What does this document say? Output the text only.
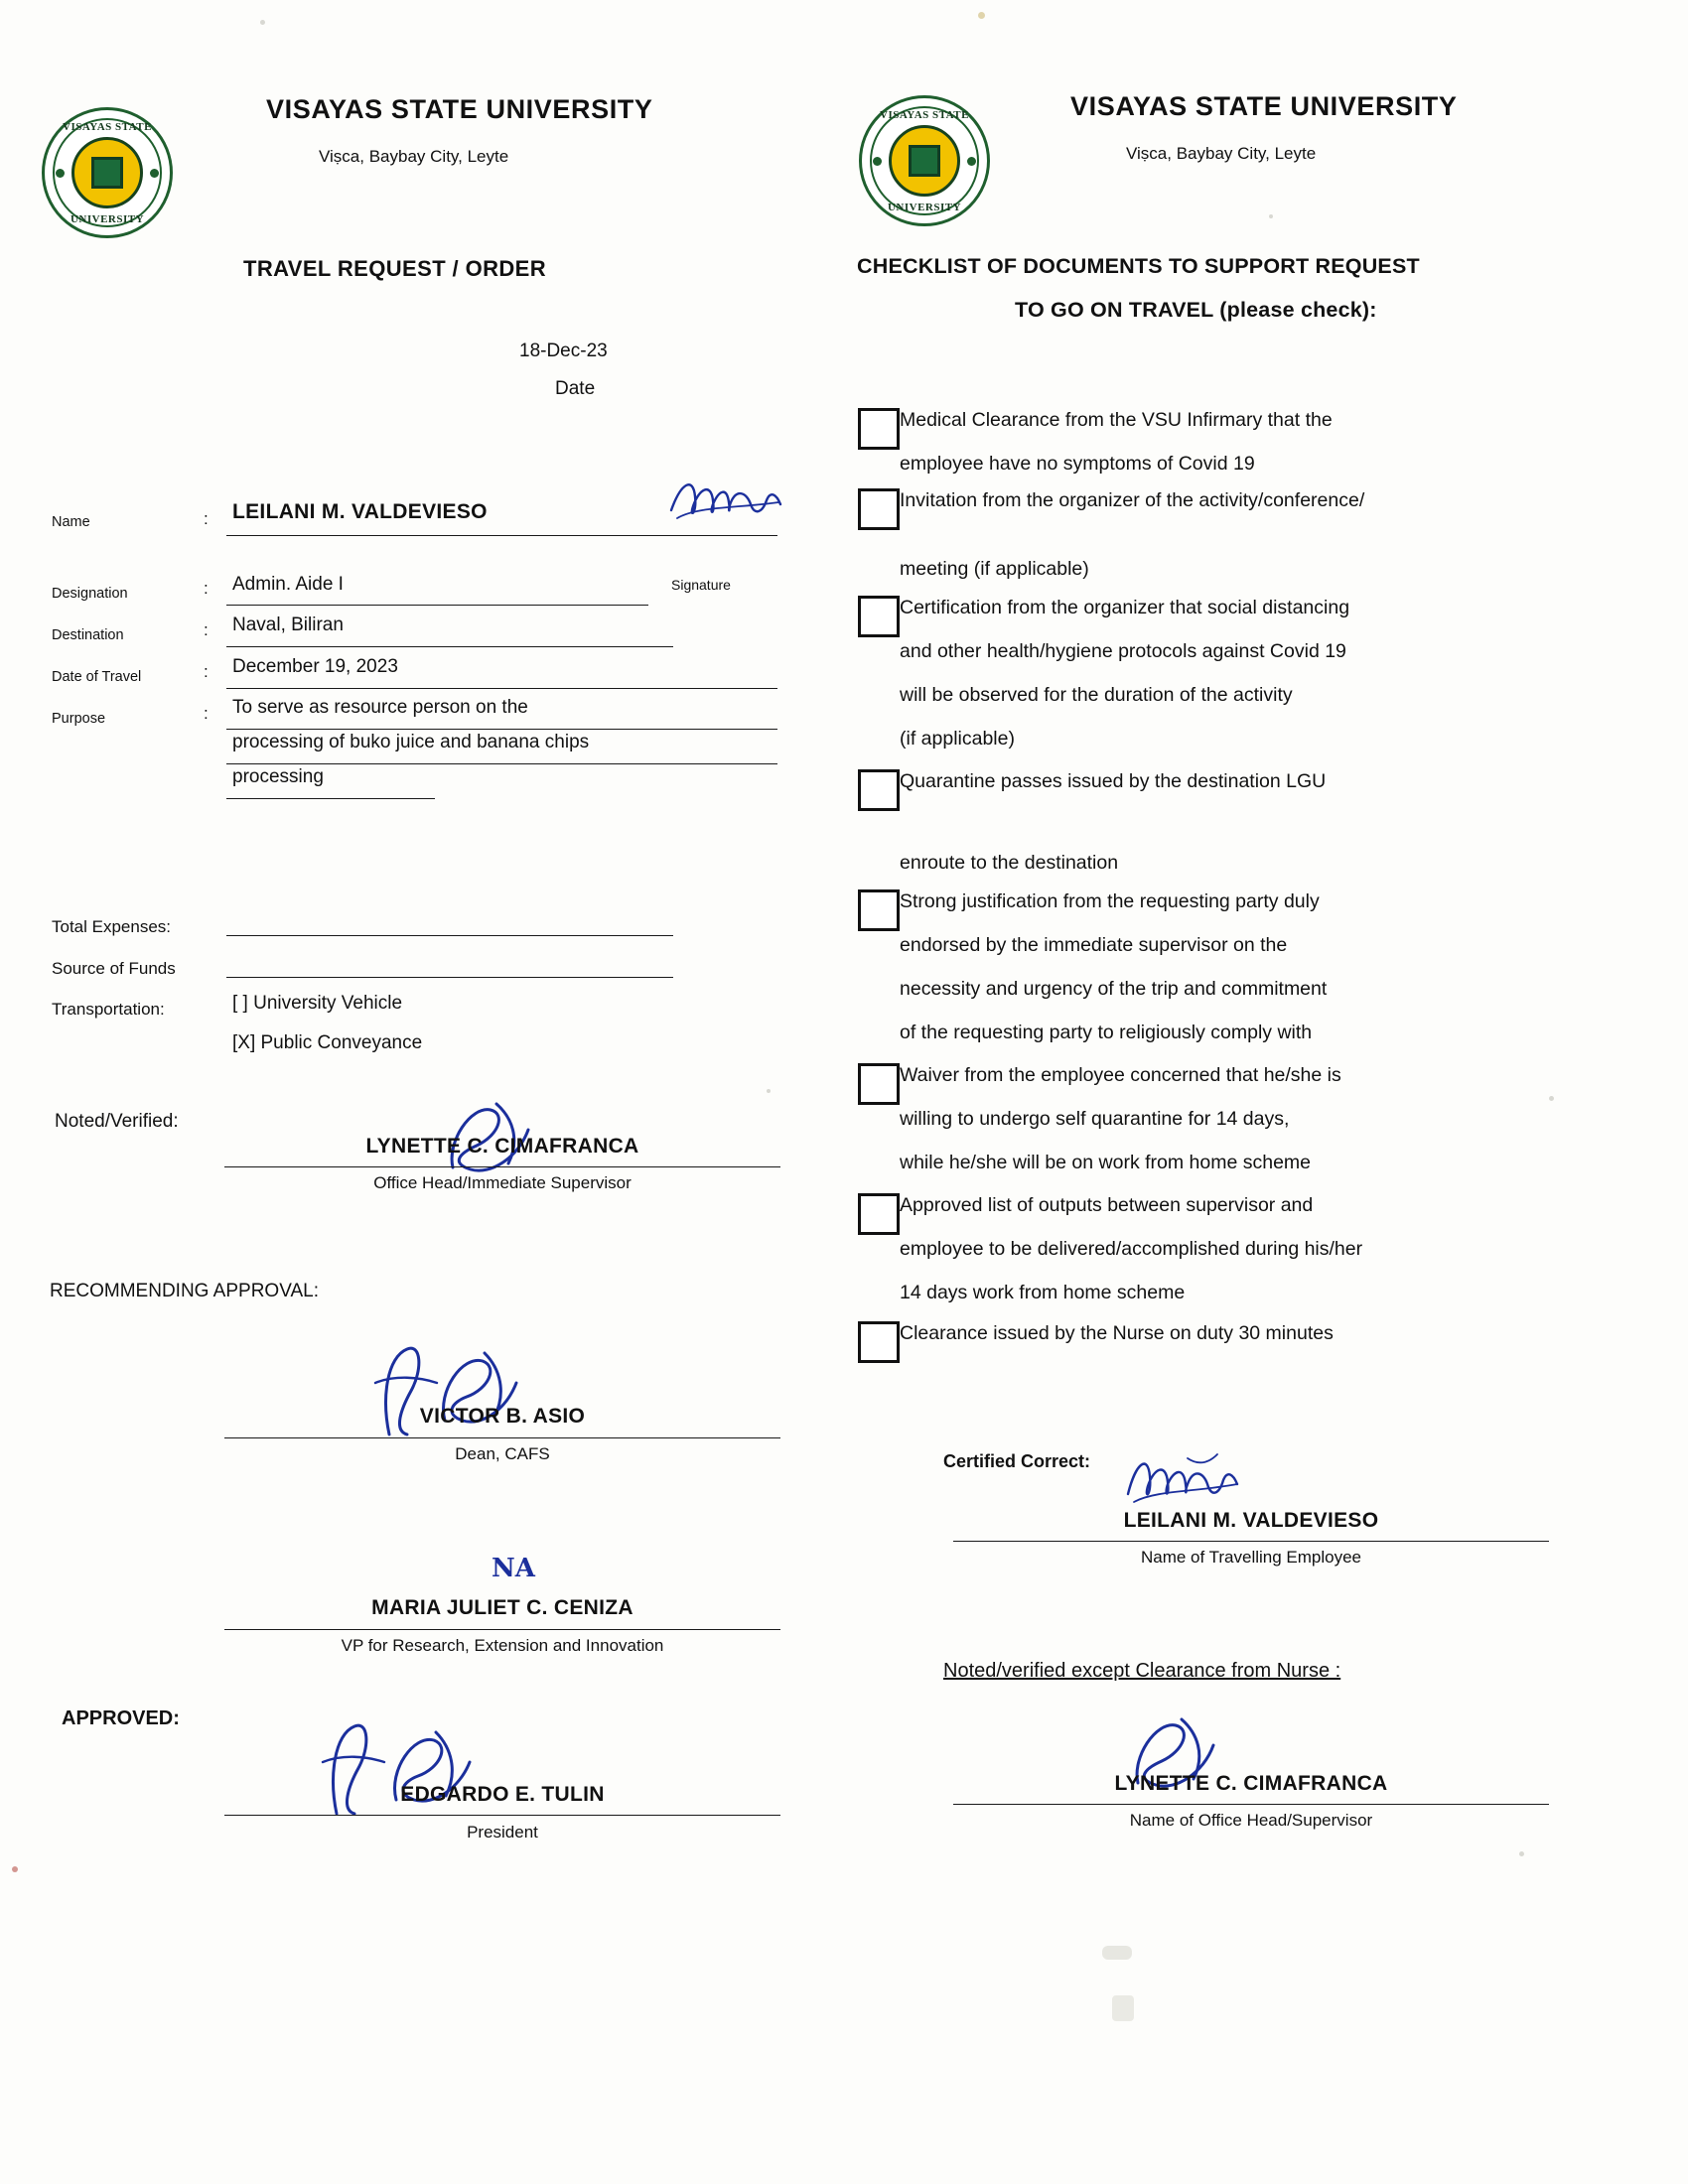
VISAYAS STATE
UNIVERSITY
VISAYAS STATE UNIVERSITY
Viṣca, Baybay City, Leyte
TRAVEL REQUEST / ORDER
18-Dec-23
Date
Name	: LEILANI M. VALDEVIESO
Signature
Designation	: Admin. Aide I
Destination	: Naval, Biliran
Date of Travel	: December 19, 2023
Purpose	: To serve as resource person on the
processing of buko juice and banana chips
processing
Total Expenses:
Source of Funds
Transportation:	[ ] University Vehicle
[X] Public Conveyance
Noted/Verified:
LYNETTE C. CIMAFRANCA
Office Head/Immediate Supervisor
RECOMMENDING APPROVAL:
VICTOR B. ASIO
Dean, CAFS
NA
MARIA JULIET C. CENIZA
VP for Research, Extension and Innovation
APPROVED:
EDGARDO E. TULIN
President
VISAYAS STATE
UNIVERSITY
VISAYAS STATE UNIVERSITY
Viṣca, Baybay City, Leyte
CHECKLIST OF DOCUMENTS TO SUPPORT REQUEST
TO GO ON TRAVEL (please check):
Medical Clearance from the VSU Infirmary that the
employee have no symptoms of Covid 19
Invitation from the organizer of the activity/conference/
meeting (if applicable)
Certification from the organizer that social distancing
and other health/hygiene protocols against Covid 19
will be observed for the duration of the activity
(if applicable)
Quarantine passes issued by the destination LGU
enroute to the destination
Strong justification from the requesting party duly
endorsed by the immediate supervisor on the
necessity and urgency of the trip and commitment
of the requesting party to religiously comply with
Waiver from the employee concerned that he/she is
willing to undergo self quarantine for 14 days,
while he/she will be on work from home scheme
Approved list of outputs between supervisor and
employee to be delivered/accomplished during his/her
14 days work from home scheme
Clearance issued by the Nurse on duty 30 minutes
Certified Correct:
LEILANI M. VALDEVIESO
Name of Travelling Employee
Noted/verified except Clearance from Nurse :
LYNETTE C. CIMAFRANCA
Name of Office Head/Supervisor
